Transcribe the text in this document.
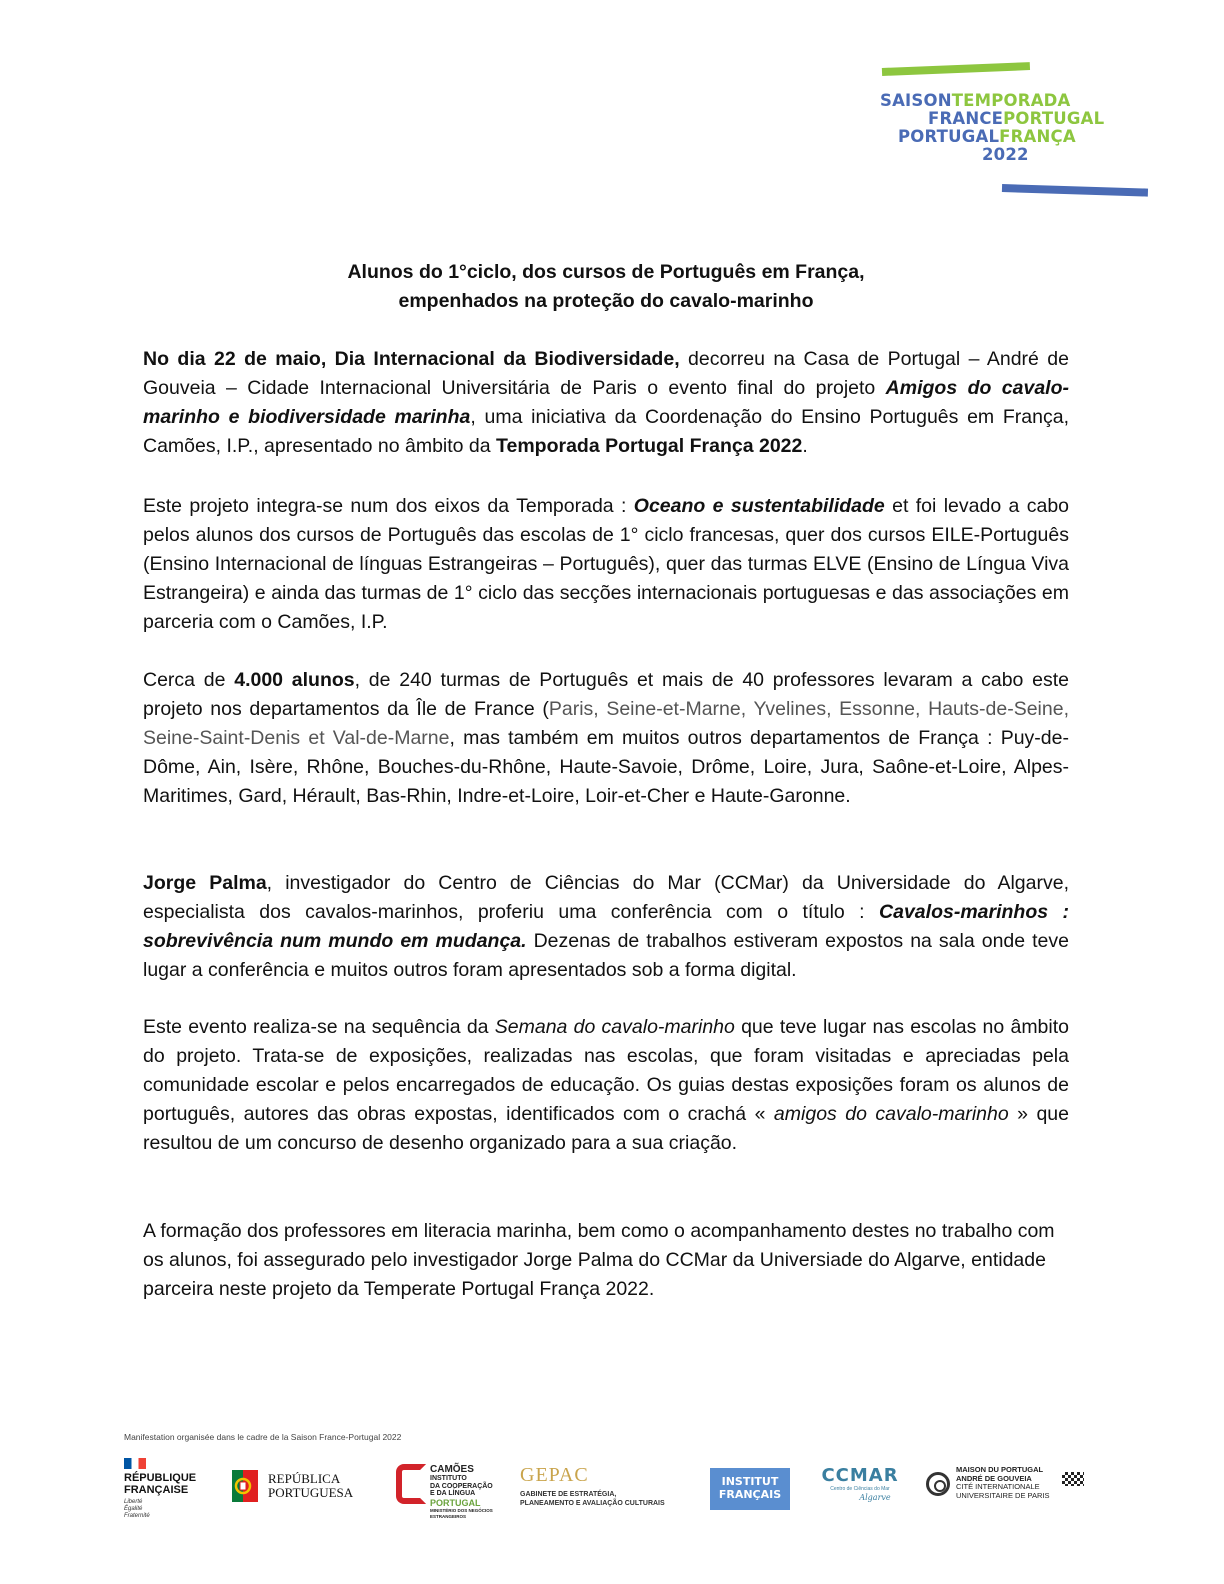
SAISONTEMPORADA
FRANCEPORTUGAL
PORTUGALFRANÇA
2022
Alunos do 1°ciclo, dos cursos de Português em França,
empenhados na proteção do cavalo-marinho

No dia 22 de maio, Dia Internacional da Biodiversidade, decorreu na Casa de Portugal – André de Gouveia – Cidade Internacional Universitária de Paris o evento final do projeto Amigos do cavalo-marinho e biodiversidade marinha, uma iniciativa da Coordenação do Ensino Português em França, Camões, I.P., apresentado no âmbito da Temporada Portugal França 2022.

Este projeto integra-se num dos eixos da Temporada : Oceano e sustentabilidade et foi levado a cabo pelos alunos dos cursos de Português das escolas de 1° ciclo francesas, quer dos cursos EILE-Português (Ensino Internacional de línguas Estrangeiras – Português), quer das turmas ELVE (Ensino de Língua Viva Estrangeira) e ainda das turmas de 1° ciclo das secções internacionais portuguesas e das associações em parceria com o Camões, I.P.

Cerca de 4.000 alunos, de 240 turmas de Português et mais de 40 professores levaram a cabo este projeto nos departamentos da Île de France (Paris, Seine-et-Marne, Yvelines, Essonne, Hauts-de-Seine, Seine-Saint-Denis et Val-de-Marne, mas também em muitos outros departamentos de França : Puy-de-Dôme, Ain, Isère, Rhône, Bouches-du-Rhône, Haute-Savoie, Drôme, Loire, Jura, Saône-et-Loire, Alpes-Maritimes, Gard, Hérault, Bas-Rhin, Indre-et-Loire, Loir-et-Cher e Haute-Garonne.

Jorge Palma, investigador do Centro de Ciências do Mar (CCMar) da Universidade do Algarve, especialista dos cavalos-marinhos, proferiu uma conferência com o título : Cavalos-marinhos : sobrevivência num mundo em mudança. Dezenas de trabalhos estiveram expostos na sala onde teve lugar a conferência e muitos outros foram apresentados sob a forma digital.

Este evento realiza-se na sequência da Semana do cavalo-marinho que teve lugar nas escolas no âmbito do projeto. Trata-se de exposições, realizadas nas escolas, que foram visitadas e apreciadas pela comunidade escolar e pelos encarregados de educação. Os guias destas exposições foram os alunos de português, autores das obras expostas, identificados com o crachá « amigos do cavalo-marinho » que resultou de um concurso de desenho organizado para a sua criação.

A formação dos professores em literacia marinha, bem como o acompanhamento destes no trabalho com os alunos, foi assegurado pelo investigador Jorge Palma do CCMar da Universiade do Algarve, entidade parceira neste projeto da Temperate Portugal França 2022.

Manifestation organisée dans le cadre de la Saison France-Portugal 2022
RÉPUBLIQUE
FRANÇAISE
Liberté
Égalité
Fraternité
REPÚBLICA
PORTUGUESA
CAMÕES
INSTITUTO
DA COOPERAÇÃO
E DA LÍNGUA
PORTUGAL
MINISTÉRIO DOS NEGÓCIOS ESTRANGEIROS
GEPAC
GABINETE DE ESTRATÉGIA,
PLANEAMENTO E AVALIAÇÃO CULTURAIS
INSTITUT
FRANÇAIS
CCMAR
Centro de Ciências do Mar
Algarve
MAISON DU PORTUGAL
ANDRÉ DE GOUVEIA
CITÉ INTERNATIONALE
UNIVERSITAIRE DE PARIS
